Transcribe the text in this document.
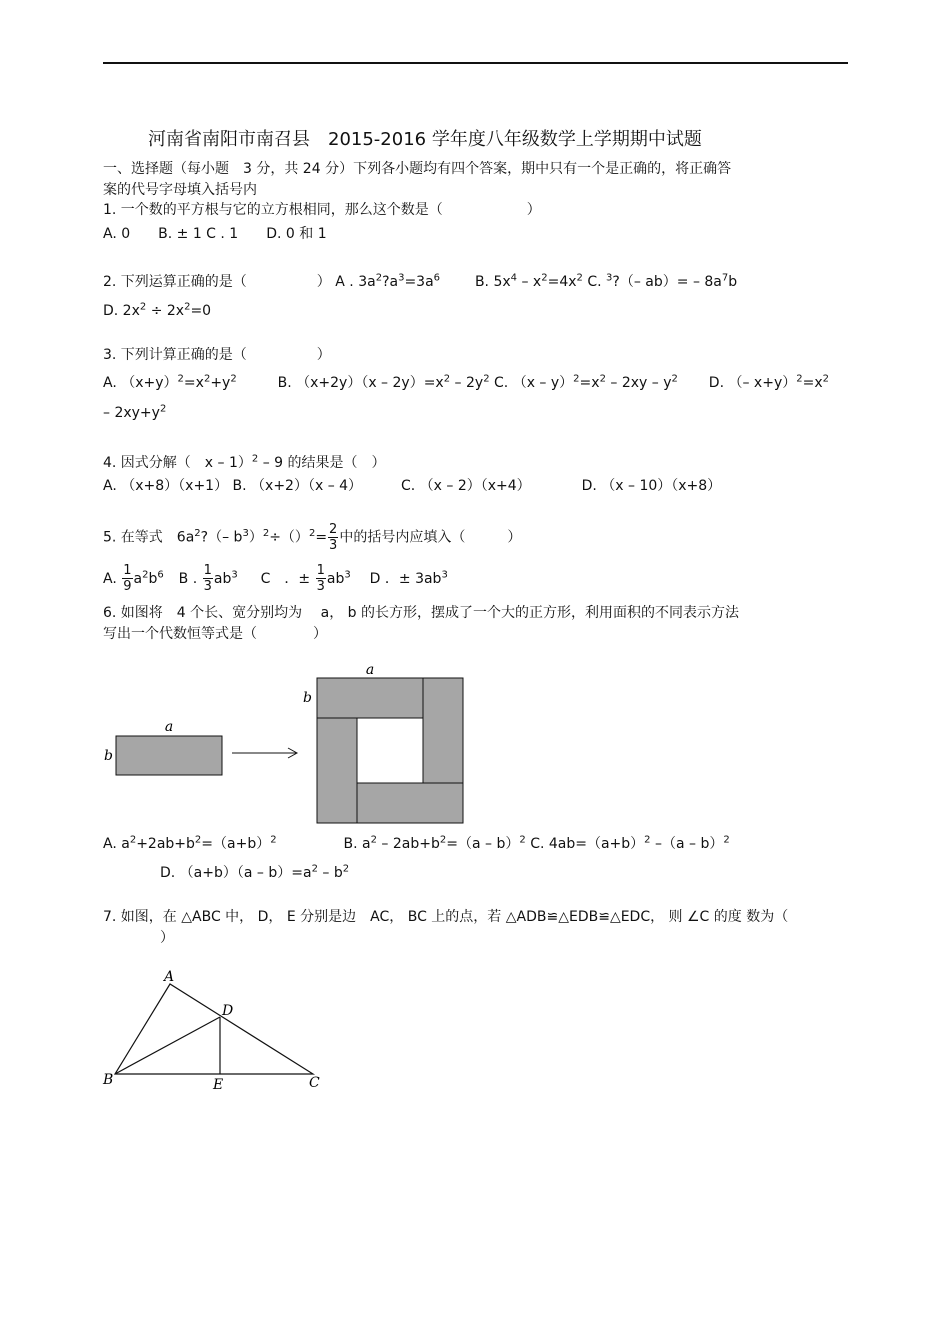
河南省南阳市南召县　2015-2016 学年度八年级数学上学期期中试题
一、选择题（每小题　3 分，共 24 分）下列各小题均有四个答案，期中只有一个是正确的，将正确答
案的代号字母填入括号内
1. 一个数的平方根与它的立方根相同，那么这个数是（　　　　　　）
A. 0　　B. ± 1 C . 1　　D. 0 和 1
2. 下列运算正确的是（　　　　　） A . $3a^2?a^3=3a^6$ B. $5x^4 - x^2=4x^2$ C. $^3$?（– $ab)= - 8a^7b$
D. $2x^2 \div 2x^2=0$
3. 下列计算正确的是（　　　　　）
A. $(x+y)^2=x^2+y^2$	B. $(x+2y)(x - 2y)=x^2 - 2y^2$ C. $(x - y)^2=x^2 - 2xy - y^2$ D. （– $x+y)^2=x^2$
– $2xy+y^2$
4. 因式分解（　x – 1）$^2$ – 9 的结果是（　）
A. （x+8）（x+1） B. （x+2）（x – 4）	C. （x – 2）（x+4）	D. （x – 10）（x+8）
5. 在等式　$6a^2?(-$ $b^3)^2\div()^2= \frac{2}{3}$ 中的括号内应填入（　　　）
A. $\frac{1}{9} a^2b^6$ B . $\frac{1}{3} ab^3$ C　．± $\frac{1}{3} ab^3$ D ．± $3ab^3$
6. 如图将　4 个长、宽分别均为　 a， b 的长方形，摆成了一个大的正方形，利用面积的不同表示方法
写出一个代数恒等式是（　　　　）
a
b
a
b
A. $a^2+2ab+b^2=(a+b)^2$	B. $a^2 - 2ab+b^2=(a - b)^2$ C. $4ab=(a+b)^2$ –（a – b）$^2$
D. $(a+b)(a - b)=a^2 - b^2$
7. 如图，在 △ABC 中， D， E 分别是边　AC， BC 上的点，若 △ADB≌△EDB≌△EDC， 则 ∠C 的度 数为（
）
A
D
B	E	C
